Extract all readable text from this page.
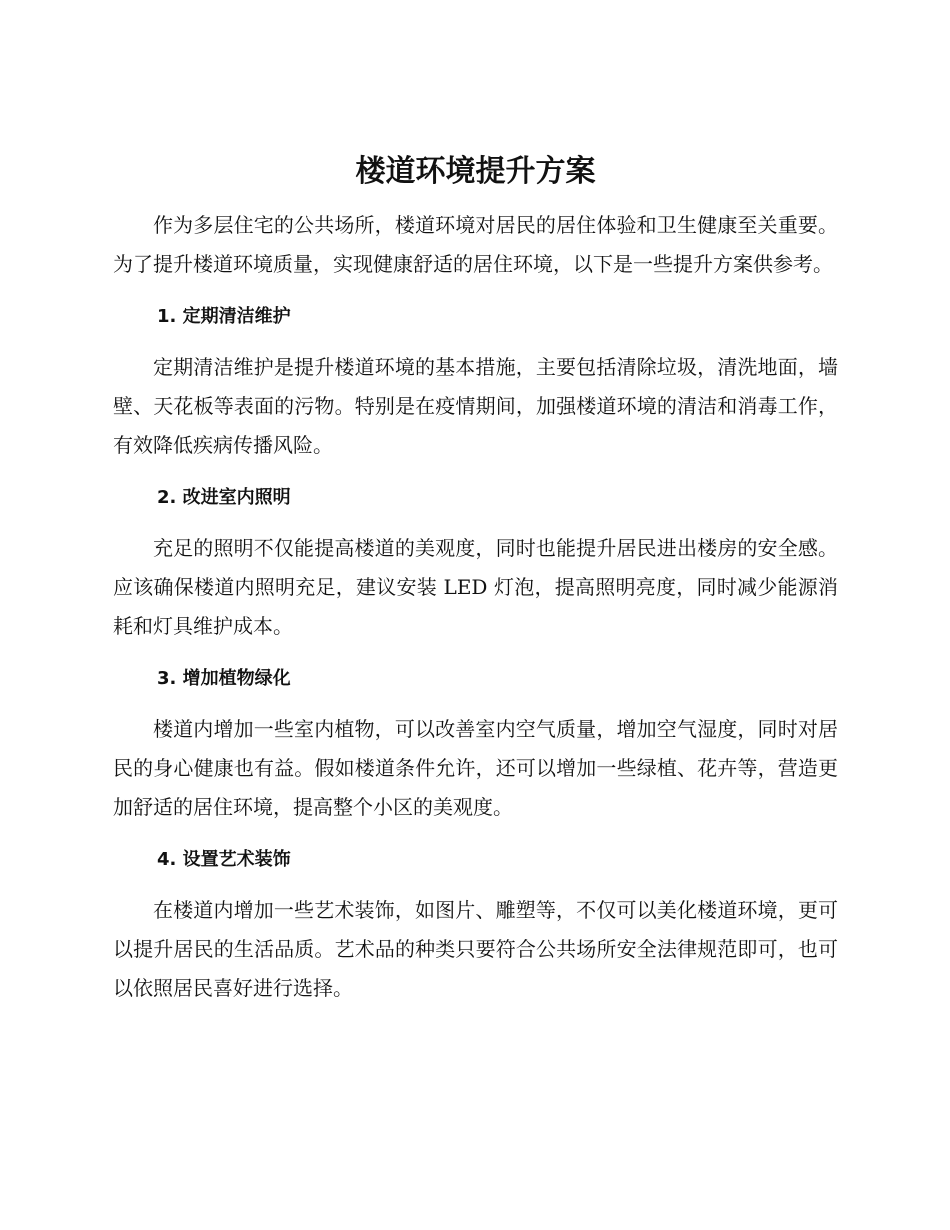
楼道环境提升方案

作为多层住宅的公共场所，楼道环境对居民的居住体验和卫生健康至关重要。为了提升楼道环境质量，实现健康舒适的居住环境，以下是一些提升方案供参考。

1. 定期清洁维护

定期清洁维护是提升楼道环境的基本措施，主要包括清除垃圾，清洗地面，墙壁、天花板等表面的污物。特别是在疫情期间，加强楼道环境的清洁和消毒工作，有效降低疾病传播风险。

2. 改进室内照明

充足的照明不仅能提高楼道的美观度，同时也能提升居民进出楼房的安全感。应该确保楼道内照明充足，建议安装 LED 灯泡，提高照明亮度，同时减少能源消耗和灯具维护成本。

3. 增加植物绿化

楼道内增加一些室内植物，可以改善室内空气质量，增加空气湿度，同时对居民的身心健康也有益。假如楼道条件允许，还可以增加一些绿植、花卉等，营造更加舒适的居住环境，提高整个小区的美观度。

4. 设置艺术装饰

在楼道内增加一些艺术装饰，如图片、雕塑等，不仅可以美化楼道环境，更可以提升居民的生活品质。艺术品的种类只要符合公共场所安全法律规范即可，也可以依照居民喜好进行选择。
